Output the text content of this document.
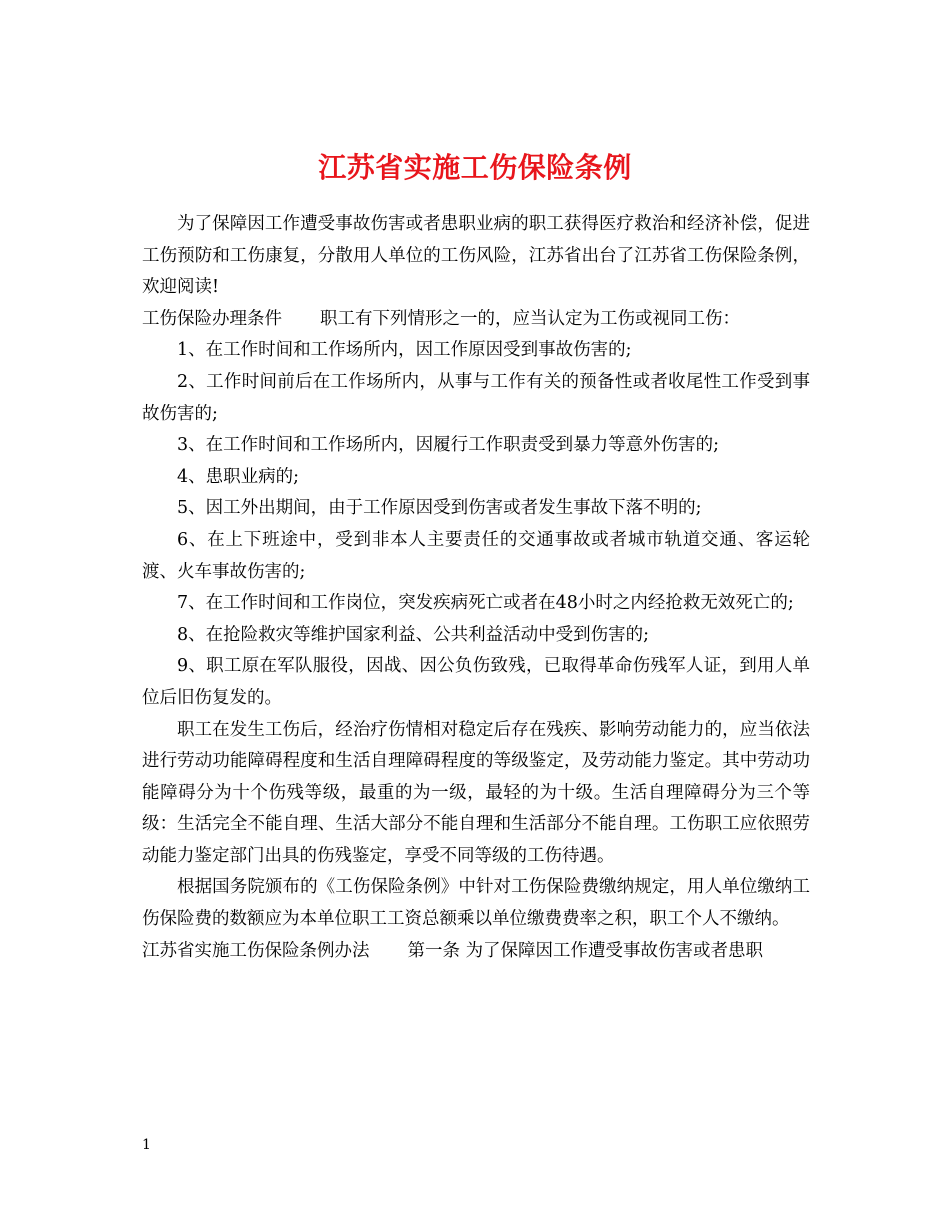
江苏省实施工伤保险条例

为了保障因工作遭受事故伤害或者患职业病的职工获得医疗救治和经济补偿，促进工伤预防和工伤康复，分散用人单位的工伤风险，江苏省出台了江苏省工伤保险条例，欢迎阅读!

工伤保险办理条件 职工有下列情形之一的，应当认定为工伤或视同工伤：

1、在工作时间和工作场所内，因工作原因受到事故伤害的;

2、工作时间前后在工作场所内，从事与工作有关的预备性或者收尾性工作受到事故伤害的;

3、在工作时间和工作场所内，因履行工作职责受到暴力等意外伤害的;

4、患职业病的;

5、因工外出期间，由于工作原因受到伤害或者发生事故下落不明的;

6、在上下班途中，受到非本人主要责任的交通事故或者城市轨道交通、客运轮渡、火车事故伤害的;

7、在工作时间和工作岗位，突发疾病死亡或者在48小时之内经抢救无效死亡的;

8、在抢险救灾等维护国家利益、公共利益活动中受到伤害的;

9、职工原在军队服役，因战、因公负伤致残，已取得革命伤残军人证，到用人单位后旧伤复发的。

职工在发生工伤后，经治疗伤情相对稳定后存在残疾、影响劳动能力的，应当依法进行劳动功能障碍程度和生活自理障碍程度的等级鉴定，及劳动能力鉴定。其中劳动功能障碍分为十个伤残等级，最重的为一级，最轻的为十级。生活自理障碍分为三个等级：生活完全不能自理、生活大部分不能自理和生活部分不能自理。工伤职工应依照劳动能力鉴定部门出具的伤残鉴定，享受不同等级的工伤待遇。

根据国务院颁布的《工伤保险条例》中针对工伤保险费缴纳规定，用人单位缴纳工伤保险费的数额应为本单位职工工资总额乘以单位缴费费率之积，职工个人不缴纳。

江苏省实施工伤保险条例办法 第一条 为了保障因工作遭受事故伤害或者患职

1
